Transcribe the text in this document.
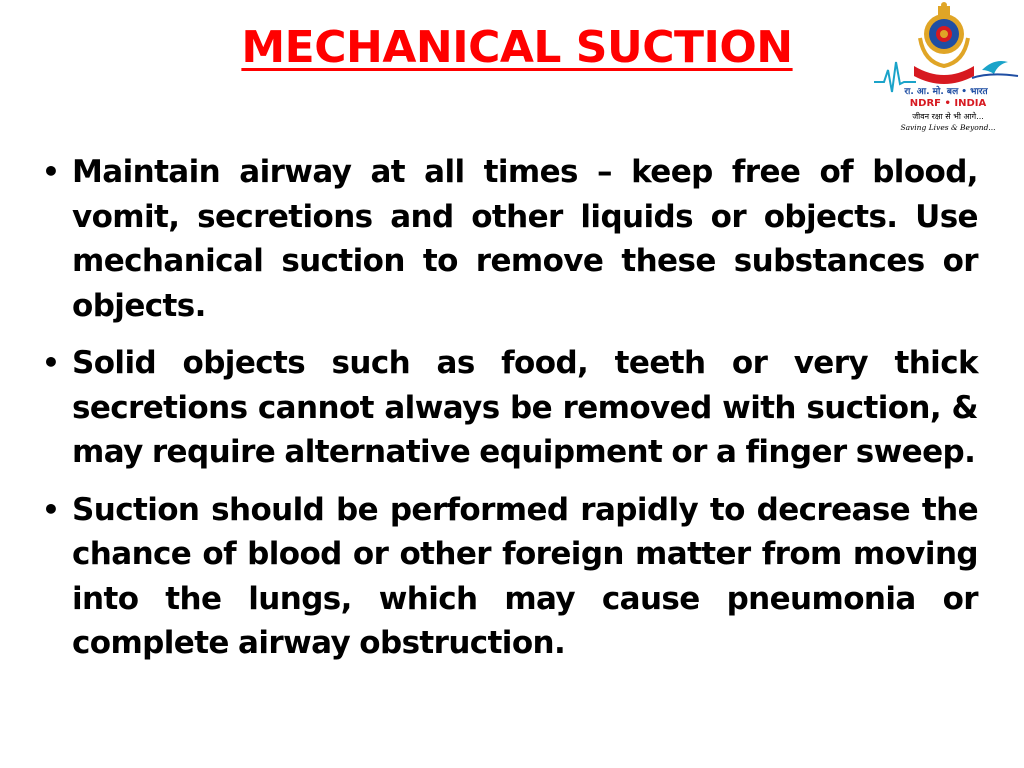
MECHANICAL SUCTION
रा. आ. मो. बल • भारत
NDRF • INDIA
जीवन रक्षा से भी आगे...
Saving Lives & Beyond...
• Maintain airway at all times – keep free of blood, vomit, secretions and other liquids or objects. Use mechanical suction to remove these substances or objects.
• Solid objects such as food, teeth or very thick secretions cannot always be removed with suction, & may require alternative equipment or a finger sweep.
• Suction should be performed rapidly to decrease the chance of blood or other foreign matter from moving into the lungs, which may cause pneumonia or complete airway obstruction.
